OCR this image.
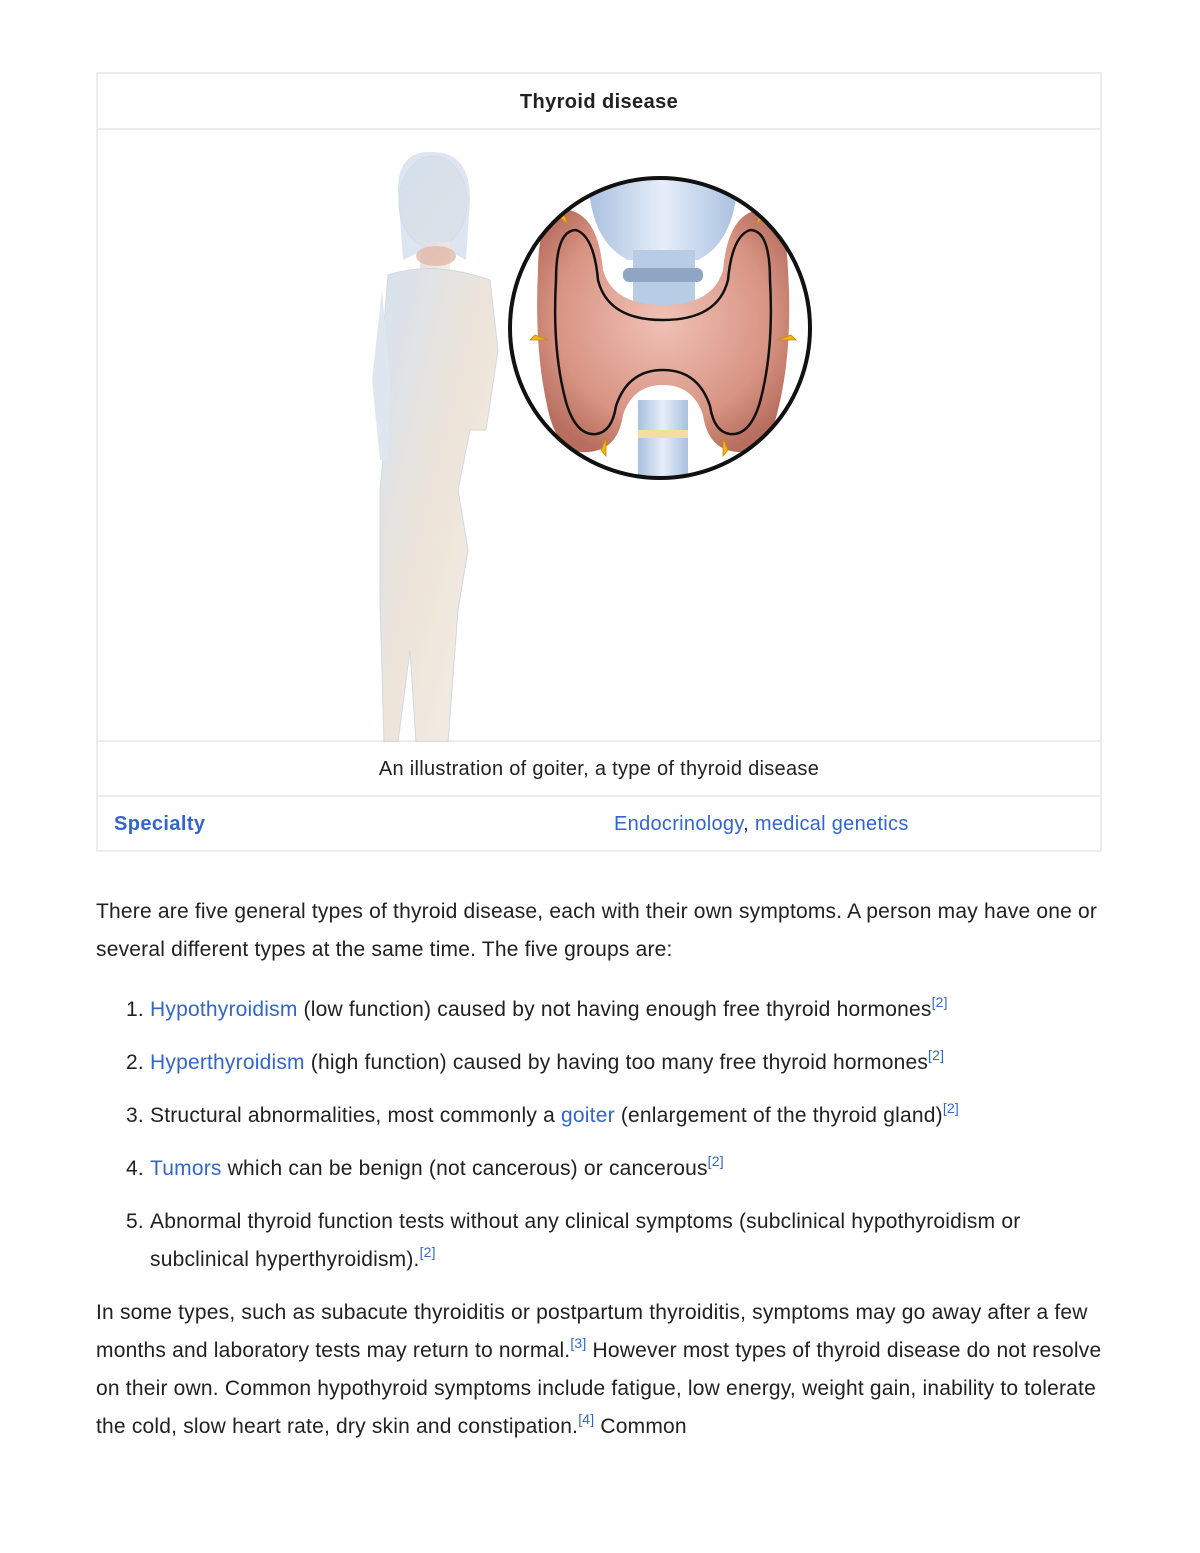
Thyroid disease
An illustration of goiter, a type of thyroid disease
Specialty	Endocrinology, medical genetics

There are five general types of thyroid disease, each with their own symptoms. A person may have one or several different types at the same time. The five groups are:

1. Hypothyroidism (low function) caused by not having enough free thyroid hormones[2]
2. Hyperthyroidism (high function) caused by having too many free thyroid hormones[2]
3. Structural abnormalities, most commonly a goiter (enlargement of the thyroid gland)[2]
4. Tumors which can be benign (not cancerous) or cancerous[2]
5. Abnormal thyroid function tests without any clinical symptoms (subclinical hypothyroidism or subclinical hyperthyroidism).[2]

In some types, such as subacute thyroiditis or postpartum thyroiditis, symptoms may go away after a few months and laboratory tests may return to normal.[3] However most types of thyroid disease do not resolve on their own. Common hypothyroid symptoms include fatigue, low energy, weight gain, inability to tolerate the cold, slow heart rate, dry skin and constipation.[4] Common
